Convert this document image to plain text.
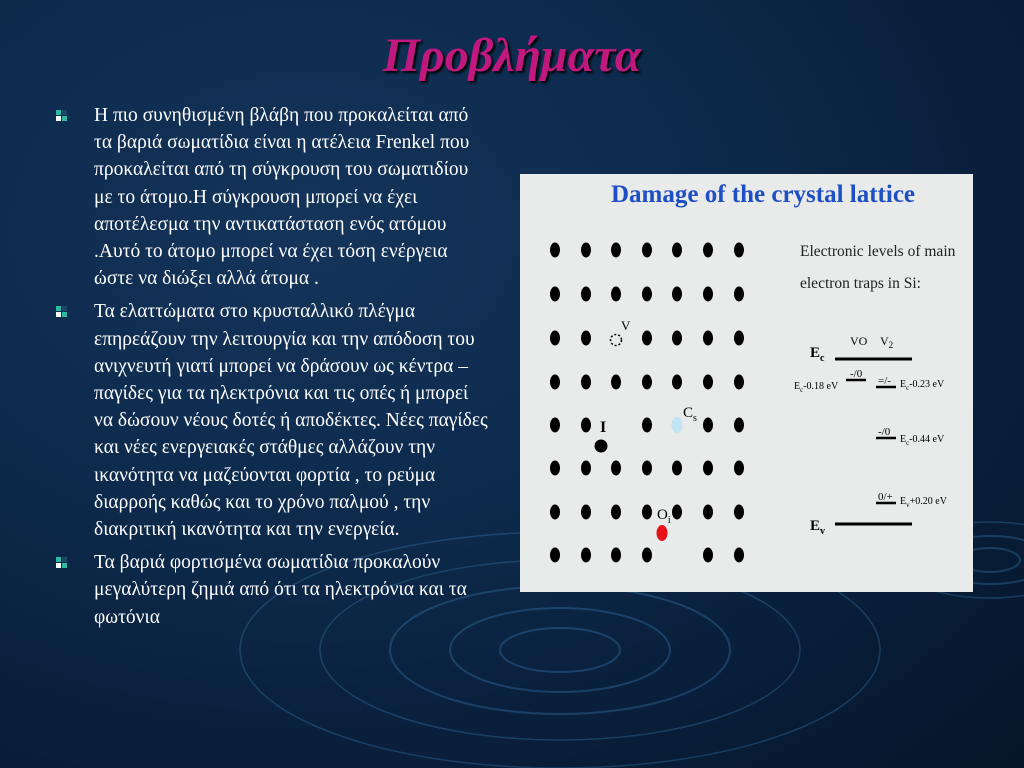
Προβλήματα
Η πιο συνηθισμένη βλάβη που προκαλείται από τα βαριά σωματίδια είναι η ατέλεια Frenkel που προκαλείται από τη σύγκρουση του σωματιδίου με το άτομο.Η σύγκρουση μπορεί να έχει αποτέλεσμα την αντικατάσταση ενός ατόμου .Αυτό το άτομο μπορεί να έχει τόση ενέργεια ώστε να διώξει αλλά άτομα .
Τα ελαττώματα στο κρυσταλλικό πλέγμα επηρεάζουν την λειτουργία και την απόδοση του ανιχνευτή γιατί μπορεί να δράσουν ως κέντρα – παγίδες για τα ηλεκτρόνια και τις οπές ή μπορεί να δώσουν νέους δοτές ή αποδέκτες. Νέες παγίδες και νέες ενεργειακές στάθμες αλλάζουν την ικανότητα να μαζεύονται φορτία , το ρεύμα διαρροής καθώς και το χρόνο παλμού , την διακριτική ικανότητα και την ενεργεία.
Τα βαριά φορτισμένα σωματίδια προκαλούν μεγαλύτερη ζημιά από ότι τα ηλεκτρόνια και τα φωτόνια
Damage of the crystal lattice
V
I
$C_s$
$O_i$
Electronic levels of main
electron traps in Si:
VO $V_2$
$E_c$
-/0
$E_c-0.18$ eV	=/- $E_c-0.23$ eV
-/0
$E_c-0.44$ eV
$0/+ E_v+0.20$ eV
$E_v$
